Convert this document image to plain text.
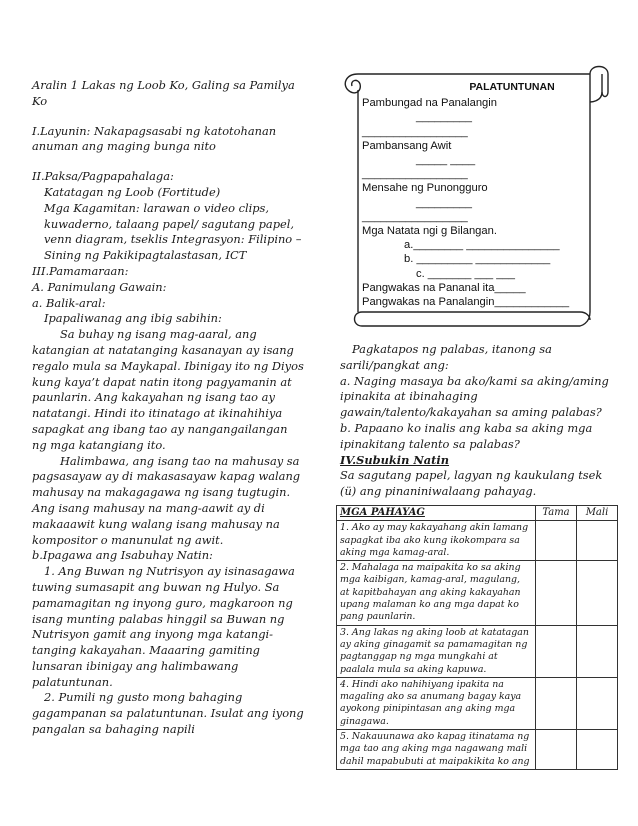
Aralin 1 Lakas ng Loob Ko, Galing sa Pamilya Ko

I.Layunin: Nakapagsasabi ng katotohanan anuman ang maging bunga nito

II.Paksa/Pagpapahalaga:

Katatagan ng Loob (Fortitude)

Mga Kagamitan: larawan o video clips, kuwaderno, talaang papel/ sagutang papel, venn diagram, tseklis Integrasyon: Filipino – Sining ng Pakikipagtalastasan, ICT

III.Pamamaraan:

A. Panimulang Gawain:

a. Balik-aral:

Ipapaliwanag ang ibig sabihin:

Sa buhay ng isang mag-aaral, ang katangian at natatanging kasanayan ay isang regalo mula sa Maykapal. Ibinigay ito ng Diyos kung kaya’t dapat natin itong pagyamanin at paunlarin. Ang kakayahan ng isang tao ay natatangi. Hindi ito itinatago at ikinahihiya sapagkat ang ibang tao ay nangangailangan ng mga katangiang ito.

Halimbawa, ang isang tao na mahusay sa pagsasayaw ay di makasasayaw kapag walang mahusay na makagagawa ng isang tugtugin. Ang isang mahusay na mang-aawit ay di makaaawit kung walang isang mahusay na kompositor o manunulat ng awit.

b.Ipagawa ang Isabuhay Natin:

1. Ang Buwan ng Nutrisyon ay isinasagawa tuwing sumasapit ang buwan ng Hulyo. Sa pamamagitan ng inyong guro, magkaroon ng isang munting palabas hinggil sa Buwan ng Nutrisyon gamit ang inyong mga katangi-tanging kakayahan. Maaaring gamiting lunsaran ibinigay ang halimbawang palatuntunan.

2. Pumili ng gusto mong bahaging gagampanan sa palatuntunan. Isulat ang iyong pangalan sa bahaging napili

PALATUNTUNAN
Pambungad na Panalangin
_________
_________________
Pambansang Awit
_____ ____
_________________
Mensahe ng Punongguro
_________
_________________
Mga Natata ngi g Bilangan.
a.________ _______________
b. _________ ____________
c. _______ ___ ___
Pangwakas na Pananal ita_____
Pangwakas na Panalangin____________

Pagkatapos ng palabas, itanong sa sarili/pangkat ang:

a. Naging masaya ba ako/kami sa aking/aming ipinakita at ibinahaging gawain/talento/kakayahan sa aming palabas?

b. Papaano ko inalis ang kaba sa aking mga ipinakitang talento sa palabas?

IV.Subukin Natin

Sa sagutang papel, lagyan ng kaukulang tsek (ü) ang pinaniniwalaang pahayag.

MGA PAHAYAG	Tama	Mali
1. Ako ay may kakayahang akin lamang sapagkat iba ako kung ikokompara sa aking mga kamag-aral.		
2. Mahalaga na maipakita ko sa aking mga kaibigan, kamag-aral, magulang, at kapitbahayan ang aking kakayahan upang malaman ko ang mga dapat ko pang paunlarin.		
3. Ang lakas ng aking loob at katatagan ay aking ginagamit sa pamamagitan ng pagtanggap ng mga mungkahi at paalala mula sa aking kapuwa.		
4. Hindi ako nahihiyang ipakita na magaling ako sa anumang bagay kaya ayokong pinipintasan ang aking mga ginagawa.		
5. Nakauunawa ako kapag itinatama ng mga tao ang aking mga nagawang mali dahil mapabubuti at maipakikita ko ang		
